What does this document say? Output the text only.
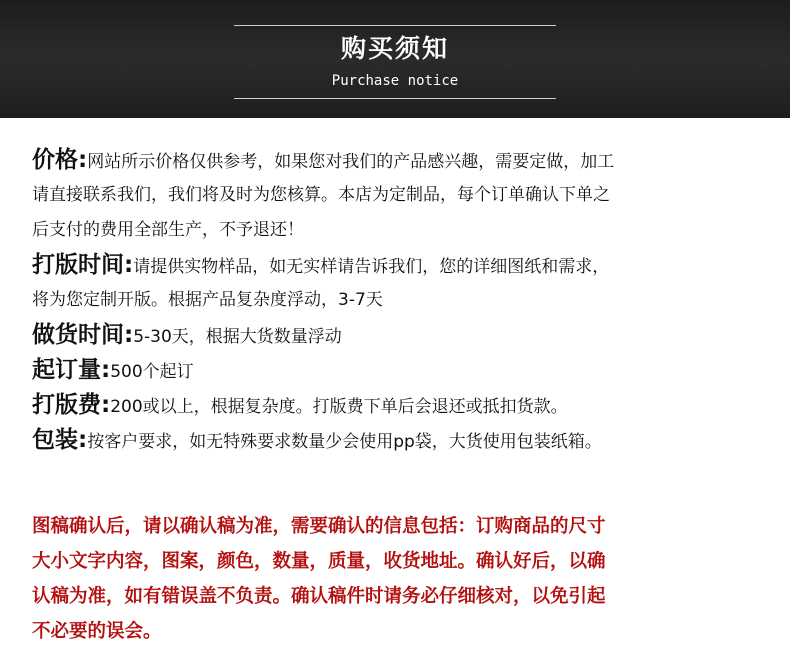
购买须知
Purchase notice
价格:网站所示价格仅供参考，如果您对我们的产品感兴趣，需要定做，加工
请直接联系我们，我们将及时为您核算。本店为定制品，每个订单确认下单之
后支付的费用全部生产，不予退还！
打版时间:请提供实物样品，如无实样请告诉我们，您的详细图纸和需求，
将为您定制开版。根据产品复杂度浮动，3-7天
做货时间:5-30天，根据大货数量浮动
起订量:500个起订
打版费:200或以上，根据复杂度。打版费下单后会退还或抵扣货款。
包装:按客户要求，如无特殊要求数量少会使用pp袋，大货使用包装纸箱。
图稿确认后，请以确认稿为准，需要确认的信息包括：订购商品的尺寸
大小文字内容，图案，颜色，数量，质量，收货地址。确认好后，以确
认稿为准，如有错误盖不负责。确认稿件时请务必仔细核对，以免引起
不必要的误会。
